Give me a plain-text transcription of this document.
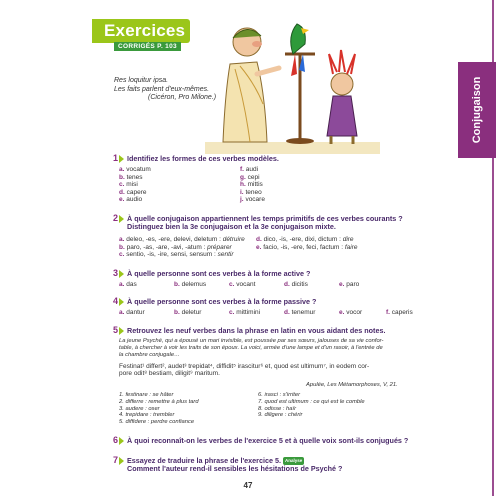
Exercices
CORRIGÉS P. 103
Conjugaison
Res loquitur ipsa.
Les faits parlent d'eux-mêmes.
(Cicéron, Pro Milone.)
1 Identifiez les formes de ces verbes modèles.
a. vocatum
b. tenes
c. misi
d. capere
e. audio
f. audi
g. cepi
h. mittis
i. teneo
j. vocare
2 À quelle conjugaison appartiennent les temps primitifs de ces verbes courants ?
Distinguez bien la 3e conjugaison et la 3e conjugaison mixte.
a. deleo, -es, -ere, delevi, deletum : détruire
b. paro, -as, -are, -avi, -atum : préparer
c. sentio, -is, -ire, sensi, sensum : sentir
d. dico, -is, -ere, dixi, dictum : dire
e. facio, -is, -ere, feci, factum : faire
3 À quelle personne sont ces verbes à la forme active ?
a. das	b. delemus	c. vocant	d. dicitis	e. paro
4 À quelle personne sont ces verbes à la forme passive ?
a. dantur	b. deletur	c. mittimini	d. tenemur	e. vocor	f. caperis
5 Retrouvez les neuf verbes dans la phrase en latin en vous aidant des notes.
La jeune Psyché, qui a épousé un mari invisible, est poussée par ses sœurs, jalouses de sa vie confor-
table, à chercher à voir les traits de son époux. La voici, armée d'une lampe et d'un rasoir, à l'entrée de
la chambre conjugale…
Festinat¹ differt², audet³ trepidat⁴, diffidit⁵ irascitur⁶ et, quod est ultimum⁷, in eodem cor-
pore odit⁸ bestiam, diligit⁹ maritum.
Apulée, Les Métamorphoses, V, 21.
1. festinare : se hâter
2. differre : remettre à plus tard
3. audere : oser
4. trepidare : trembler
5. diffidere : perdre confiance
6. irasci : s'irriter
7. quod est ultimum : ce qui est le comble
8. odisse : haïr
9. diligere : chérir
6 À quoi reconnaît-on les verbes de l'exercice 5 et à quelle voix sont-ils conjugués ?
7 Essayez de traduire la phrase de l'exercice 5. Analyse
Comment l'auteur rend-il sensibles les hésitations de Psyché ?
47
